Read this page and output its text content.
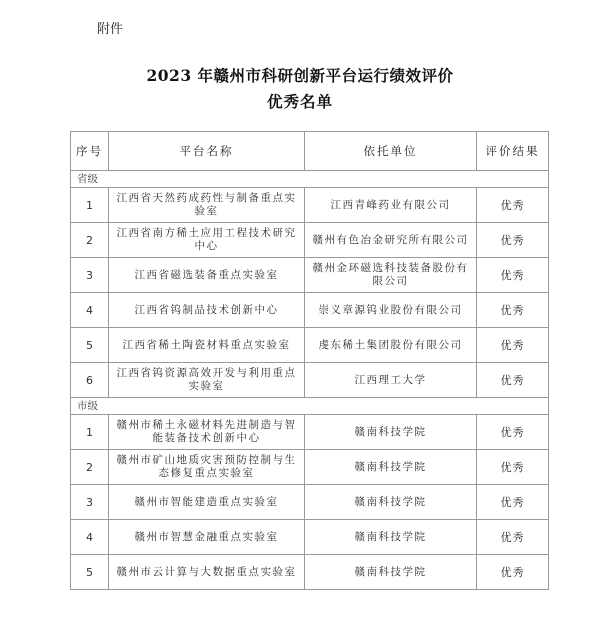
附件
2023 年赣州市科研创新平台运行绩效评价
优秀名单
序号	平台名称	依托单位	评价结果
省级			
1	江西省天然药成药性与制备重点实验室	江西青峰药业有限公司	优秀
2	江西省南方稀土应用工程技术研究中心	赣州有色冶金研究所有限公司	优秀
3	江西省磁选装备重点实验室	赣州金环磁选科技装备股份有限公司	优秀
4	江西省钨制品技术创新中心	崇义章源钨业股份有限公司	优秀
5	江西省稀土陶瓷材料重点实验室	虔东稀土集团股份有限公司	优秀
6	江西省钨资源高效开发与利用重点实验室	江西理工大学	优秀
市级			
1	赣州市稀土永磁材料先进制造与智能装备技术创新中心	赣南科技学院	优秀
2	赣州市矿山地质灾害预防控制与生态修复重点实验室	赣南科技学院	优秀
3	赣州市智能建造重点实验室	赣南科技学院	优秀
4	赣州市智慧金融重点实验室	赣南科技学院	优秀
5	赣州市云计算与大数据重点实验室	赣南科技学院	优秀
